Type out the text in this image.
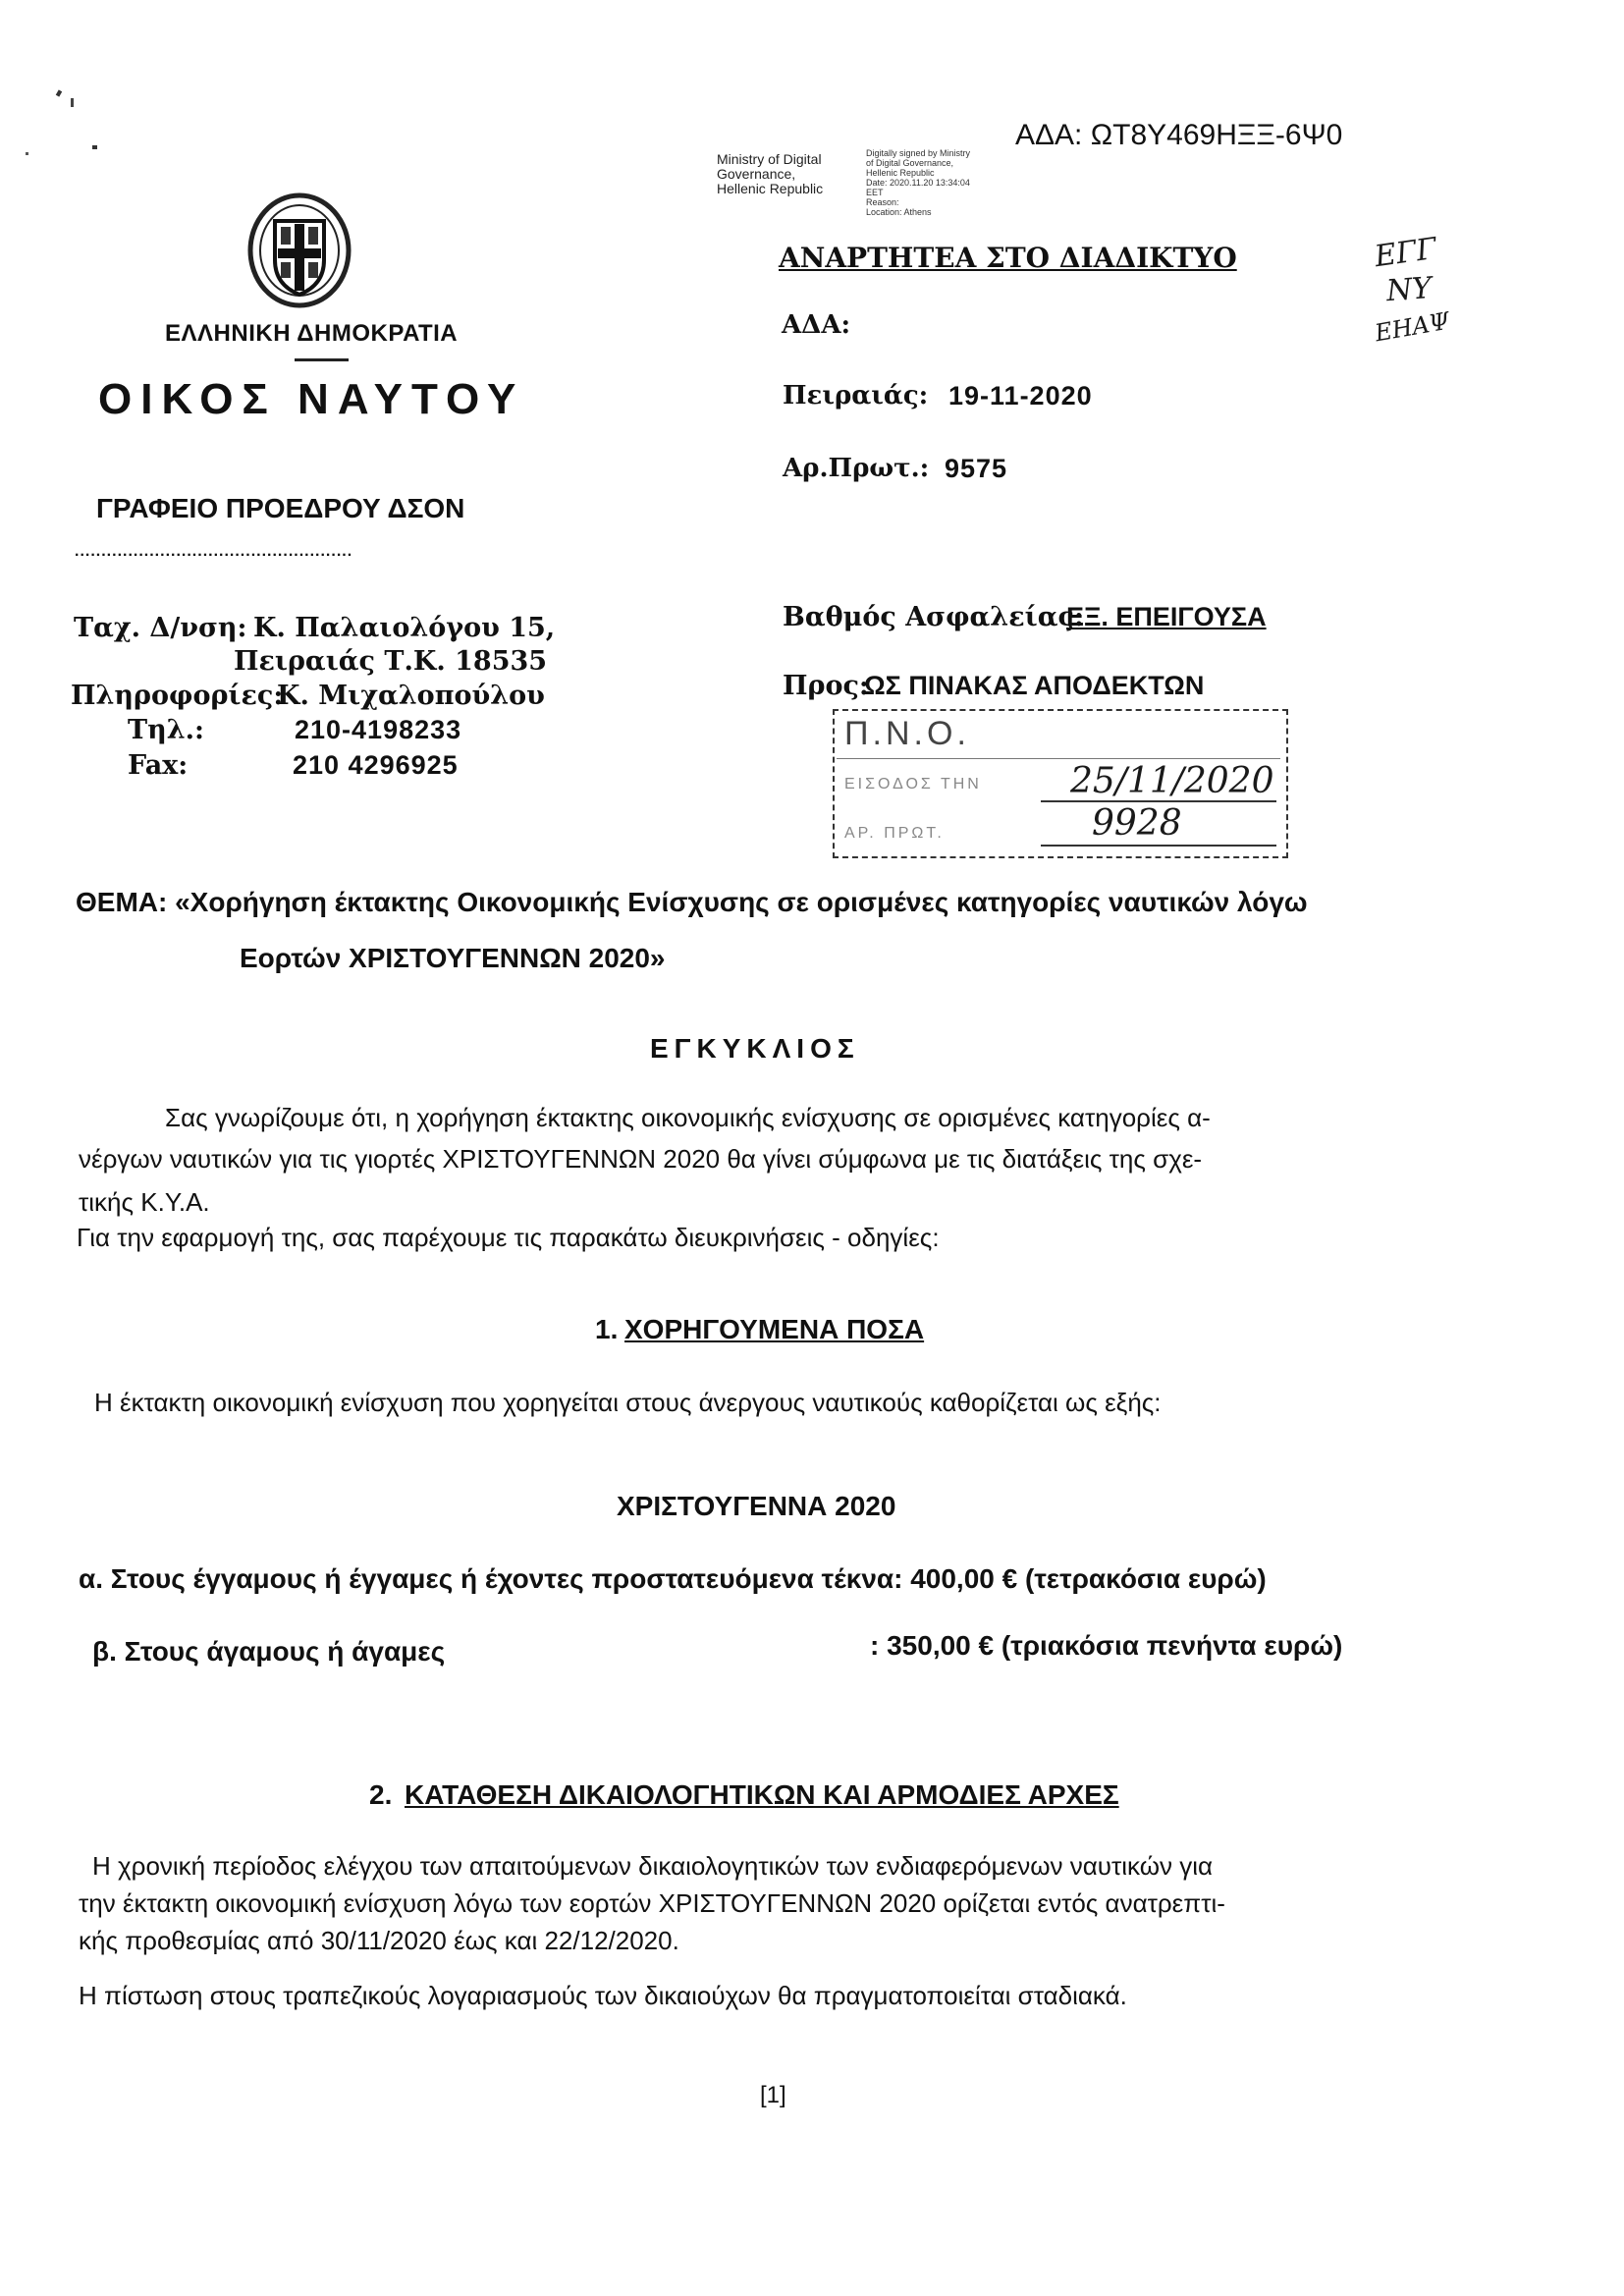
ΑΔΑ: ΩΤ8Υ469ΗΞΞ-6Ψ0
Ministry of Digital
Governance,
Hellenic Republic
Digitally signed by Ministry
of Digital Governance,
Hellenic Republic
Date: 2020.11.20 13:34:04
EET
Reason:
Location: Athens
ΕΛΛΗΝΙΚΗ ΔΗΜΟΚΡΑΤΙΑ
ΟΙΚΟΣ ΝΑΥΤΟΥ
ΓΡΑΦΕΙΟ ΠΡΟΕΔΡΟΥ ΔΣΟΝ
....................................................
ΑΝΑΡΤΗΤΕΑ ΣΤΟ ΔΙΑΔΙΚΤΥΟ
ΑΔΑ:
Πειραιάς: 19-11-2020
Αρ.Πρωτ.: 9575
ΕΓΓ
ΝΥ
ΕΗΑΨ
Ταχ. Δ/νση: Κ. Παλαιολόγου 15,
Πειραιάς Τ.Κ. 18535
Πληροφορίες:
Κ. Μιχαλοπούλου
Τηλ.:	210-4198233
Fax:	210 4296925
Βαθμός Ασφαλείας:
ΕΞ. ΕΠΕΙΓΟΥΣΑ
Προς:
ΩΣ ΠΙΝΑΚΑΣ ΑΠΟΔΕΚΤΩΝ
Π.Ν.Ο.
ΕΙΣΟΔΟΣ ΤΗΝ	25/11/2020
ΑΡ. ΠΡΩΤ.	9928
ΘΕΜΑ: «Χορήγηση έκτακτης Οικονομικής Ενίσχυσης σε ορισμένες κατηγορίες ναυτικών λόγω
Εορτών ΧΡΙΣΤΟΥΓΕΝΝΩΝ 2020»
ΕΓΚΥΚΛΙΟΣ
Σας γνωρίζουμε ότι, η χορήγηση έκτακτης οικονομικής ενίσχυσης σε ορισμένες κατηγορίες α-
νέργων ναυτικών για τις γιορτές ΧΡΙΣΤΟΥΓΕΝΝΩΝ 2020 θα γίνει σύμφωνα με τις διατάξεις της σχε-
τικής Κ.Υ.Α.
Για την εφαρμογή της, σας παρέχουμε τις παρακάτω διευκρινήσεις - οδηγίες:
1. ΧΟΡΗΓΟΥΜΕΝΑ ΠΟΣΑ
Η έκτακτη οικονομική ενίσχυση που χορηγείται στους άνεργους ναυτικούς καθορίζεται ως εξής:
ΧΡΙΣΤΟΥΓΕΝΝΑ 2020
α. Στους έγγαμους ή έγγαμες ή έχοντες προστατευόμενα τέκνα: 400,00 € (τετρακόσια ευρώ)
β. Στους άγαμους ή άγαμες	: 350,00 € (τριακόσια πενήντα ευρώ)
2. ΚΑΤΑΘΕΣΗ ΔΙΚΑΙΟΛΟΓΗΤΙΚΩΝ ΚΑΙ ΑΡΜΟΔΙΕΣ ΑΡΧΕΣ
Η χρονική περίοδος ελέγχου των απαιτούμενων δικαιολογητικών των ενδιαφερόμενων ναυτικών για
την έκτακτη οικονομική ενίσχυση λόγω των εορτών ΧΡΙΣΤΟΥΓΕΝΝΩΝ 2020 ορίζεται εντός ανατρεπτι-
κής προθεσμίας από 30/11/2020 έως και 22/12/2020.
Η πίστωση στους τραπεζικούς λογαριασμούς των δικαιούχων θα πραγματοποιείται σταδιακά.
[1]
